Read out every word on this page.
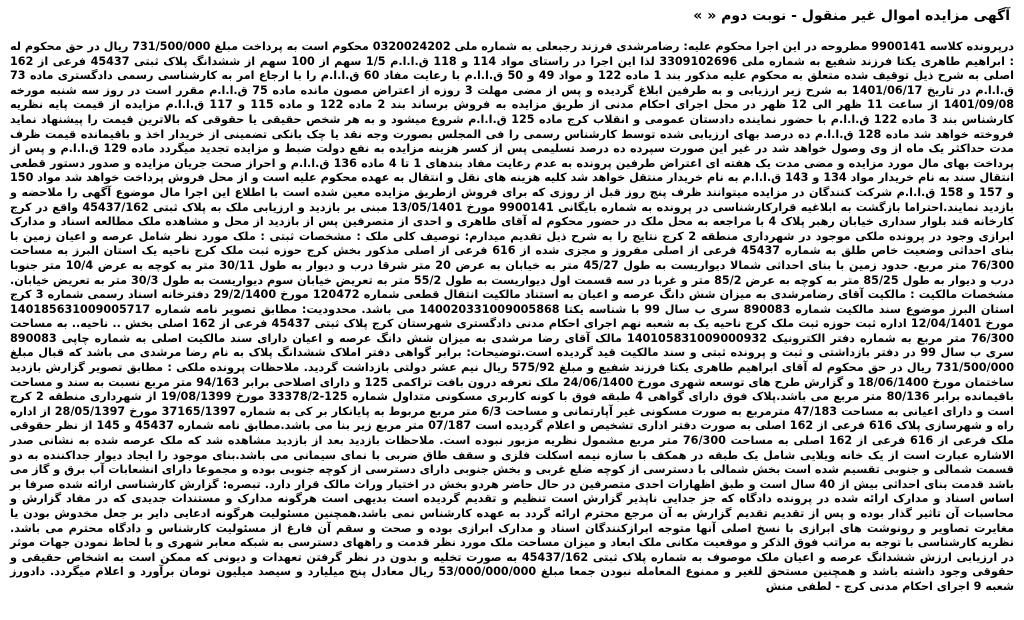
آگهی مزایده اموال غیر منقول - نوبت دوم « »
درپرونده کلاسه 9900141 مطروحه در این اجرا محکوم علیه: رضامرشدی فرزند رجبعلی به شماره ملی 0320024202 محکوم است به پرداخت مبلغ 731/500/000 ریال در حق محکوم له : ابراهیم طاهری یکتا فرزند شفیع به شماره ملی 3309102696 لذا این اجرا در راستای مواد 114 و 118 ق.ا.ا.م 1/5 سهم از 100 سهم از ششدانگ پلاک ثبتی 45437 فرعی از 162 اصلی به شرح ذیل توقیف شده متعلق به محکوم علیه مذکور بند 1 ماده 122 و مواد 49 و 50 ق.ا.ا.م با رعایت مفاد 60 ق.ا.ا.م را با ارجاع امر به کارشناسی رسمی دادگستری ماده 73 ق.ا.ا.م در تاریخ 1401/06/17 به شرح زیر ارزیابی و به طرفین ابلاغ گردیده و پس از مضی مهلت 3 روزه از اعتراض مصون مانده ماده 75 ق.ا.ا.م مقرر است در روز سه شنبه مورخه 1401/09/08 از ساعت 11 ظهر الی 12 ظهر در محل اجرای احکام مدنی از طریق مزایده به فروش برساند بند 2 ماده 122 و ماده 115 و 117 ق.ا.ا.م مزایده از قیمت پایه نظریه کارشناس بند 3 ماده 122 ق.ا.ا.م با حضور نماینده دادستان عمومی و انقلاب کرج ماده 125 ق.ا.ا.م شروع میشود و به هر شخص حقیقی یا حقوقی که بالاترین قیمت را پیشنهاد نماید فروخته خواهد شد ماده 128 ق.ا.ا.م ده درصد بهای ارزیابی شده توسط کارشناس رسمی را فی المجلس بصورت وجه نقد یا چک بانکی تضمینی از خریدار اخذ و باقیمانده قیمت ظرف مدت حداکثر یک ماه از وی وصول خواهد شد در غیر این صورت سپرده ده درصد تسلیمی پس از کسر هزینه مزایده به نفع دولت ضبط و مزایده تجدید میگردد ماده 129 ق.ا.ا.م و پس از پرداخت بهای مال مورد مزایده و مضی مدت یک هفته ای اعتراض طرفین پرونده به عدم رعایت مفاد بندهای 1 تا 4 ماده 136 ق.ا.ا.م و احراز صحت جریان مزایده و صدور دستور قطعی انتقال سند به نام خریدار مواد 134 و 143 ق.ا.ا.م به نام خریدار منتقل خواهد شد کلیه هزینه های نقل و انتقال به عهده محکوم علیه است و از محل فروش پرداخت خواهد شد مواد 150 و 157 و 158 ق.ا.ا.م شرکت کنندگان در مزایده میتوانند ظرف پنج روز قبل از روزی که برای فروش ازطریق مزایده معین شده است با اطلاع این اجرا مال موضوع آگهی را ملاحضه و بازدید نمایند.احتراما بازگشت به ابلاغیه قرارکارشناسی در پرونده به شماره بایگانی 9900141 مورخ 13/05/1401 مبنی بر بازدید و ارزیابی ملک به پلاک ثبتی 45437/162 واقع در کرج کارخانه قند بلوار سداری خیابان رهبر پلاک 4 با مراجعه به محل ملک در حضور محکوم له آقای طاهری و احدی از متصرفین پس از بازدید از محل و مشاهده ملک مطالعه اسناد و مدارک ابرازی وجود در پرونده ملکی موجود در شهرداری منطقه 2 کرج نتایج را به شرح ذیل تقدیم میدارم: توصیف کلی ملک : مشخصات ثبتی : ملک مورد نظر شامل عرصه و اعیان زمین با بنای احداثی وضعیت خاص طلق به شماره 45437 فرعی از اصلی مفروز و مجزی شده از 616 فرعی از اصلی مذکور بخش کرج حوزه ثبت ملک کرج ناحیه یک استان البرز به مساحت 76/300 متر مربع. حدود زمین با بنای احداثی شمالا دیواریست به طول 45/27 متر به خیابان به عرض 20 متر شرقا درب و دیوار به طول 30/11 متر به کوچه به عرض 10/4 متر جنوبا درب و دیوار به طول 85/25 متر به کوچه به عرض 85/2 متر و غربا در سه قسمت اول دیواریست به طول 55/2 متر به تعریض خیابان سوم دیواریست به طول 30/3 متر به تعریض خیابان. مشخصات مالکیت : مالکیت آقای رضامرشدی به میزان شش دانگ عرصه و اعیان به استناد مالکیت انتقال قطعی شماره 120472 مورخ 29/2/1400 دفترخانه اسناد رسمی شماره 3 کرج استان البرز موضوع سند مالکیت شماره 890083 سری ب سال 99 با شناسه یکتا 140020331009005868 می باشد. محدودیت: مطابق تصویر نامه شماره 140185631009005717 مورخ 12/04/1401 اداره ثبت حوزه ثبت ملک کرج ناحیه یک به شعبه نهم اجرای احکام مدنی دادگستری شهرستان کرج پلاک ثبتی 45437 فرعی از 162 اصلی بخش .. ناحیه.. به مساحت 76/300 متر مربع به شماره دفتر الکترونیک 140105831009000932 مالک آقای رضا مرشدی به میزان شش دانگ عرصه و اعیان دارای سند مالکیت اصلی به شماره چاپی 890083 سری ب سال 99 در دفتر بازداشتی و ثبت و پرونده ثبتی و سند مالکیت قید گردیده است.توضیحات: برابر گواهی دفتر املاک ششدانگ پلاک به نام رضا مرشدی می باشد که قبال مبلغ 731/500/000 ریال در حق محکوم له آقای ابراهیم طاهری یکتا فرزند شفیع و مبلغ 575/92 ریال نیم عشر دولتی بازداشت گردید. ملاحظات پرونده ملکی : مطابق تصویر گزارش بازدید ساختمان مورخ 18/06/1400 و گزارش طرح های توسعه شهری مورخ 24/06/1400 ملک تعرفه درون بافت تراکمی 125 و دارای اصلاحی برابر 94/163 متر مربع نسبت به سند و مساحت باقیمانده برابر 80/136 متر مربع می باشد.پلاک فوق دارای گواهی 4 طبقه فوق با کونه کاربری مسکونی متداول شماره 125-33378/2 مورخ 19/08/1399 از شهرداری منطقه 2 کرج است و دارای اعیانی به مساحت 47/183 مترمربع به صورت مسکونی غیر آپارتمانی و مساحت 6/3 متر مربع مربوط به پایانکار بر کی به شماره 37165/1397 مورخ 28/05/1397 از اداره راه و شهرسازی پلاک 616 فرعی از 162 اصلی به صورت دفتر اداری تشخیص و اعلام گردیده است 07/187 متر مربع زیر بنا می باشد.مطابق نامه شماره 45437 و 145 از نظر حقوقی ملک فرعی از 616 فرعی از 162 اصلی به مساحت 76/300 متر مربع مشمول نظریه مزبور نبوده است. ملاحظات بازدید بعد از بازدید مشاهده شد که ملک عرصه شده به نشانی صدر الاشاره عبارت است از یک خانه ویلایی شامل یک طبقه در همکف با سازه نیمه اسکلت فلزی و سقف طاق ضربی با نمای سیمانی می باشد.بنای موجود را ایجاد دیوار جداکننده به دو قسمت شمالی و جنوبی تقسیم شده است بخش شمالی با دسترسی از کوچه ضلع غربی و بخش جنوبی دارای دسترسی از کوچه جنوبی بوده و مجموعا دارای انشعابات آب برق و گاز می باشد قدمت بنای احداثی بیش از 40 سال است و طبق اظهارات احدی متصرفین در حال حاضر هردو بخش در اختیار وراث مالک قرار دارد. تبصره: گزارش کارشناسی ارائه شده صرفا بر اساس اسناد و مدارک ارائه شده در پرونده دادگاه که جز جدایی ناپذیر گزارش است تنظیم و تقدیم گردیده است بدیهی است هرگونه مدارک و مستندات جدیدی که در مفاد گزارش و محاسبات آن تاثیر گذار بوده و پس از تقدیم تقدیم گزارش به آن مرجع محترم ارائه گردد به عهده کارشناس نمی باشد.همچنین مسئولیت هرگونه ادعایی دایر بر جعل مخدوش بودن یا مغایرت تصاویر و رونوشت های ابرازی با نسخ اصلی آنها متوجه ابرازکنندگان اسناد و مدارک ابرازی بوده و صحت و سقم آن فارغ از مسئولیت کارشناس و دادگاه محترم می باشد. نظریه کارشناسی با توجه به مراتب فوق الذکر و موقعیت مکانی ملک ابعاد و میزان مساحت ملک مورد نظر قدمت و راههای دسترسی به شبکه معابر شهری و با لحاظ نمودن جهات موثر در ارزیابی ارزش ششدانگ عرصه و اعیان ملک موصوف به شماره پلاک ثبتی 45437/162 به صورت تخلیه و بدون در نظر گرفتن تعهدات و دیونی که ممکن است به اشخاص حقیقی و حقوقی وجود داشته باشد و همچنین مستحق للغیر و ممنوع المعامله نبودن جمعا مبلغ 53/000/000/000 ریال معادل پنج میلیارد و سیصد میلیون تومان برآورد و اعلام میگردد. دادورز شعبه 9 اجرای احکام مدنی کرج - لطفی منش
